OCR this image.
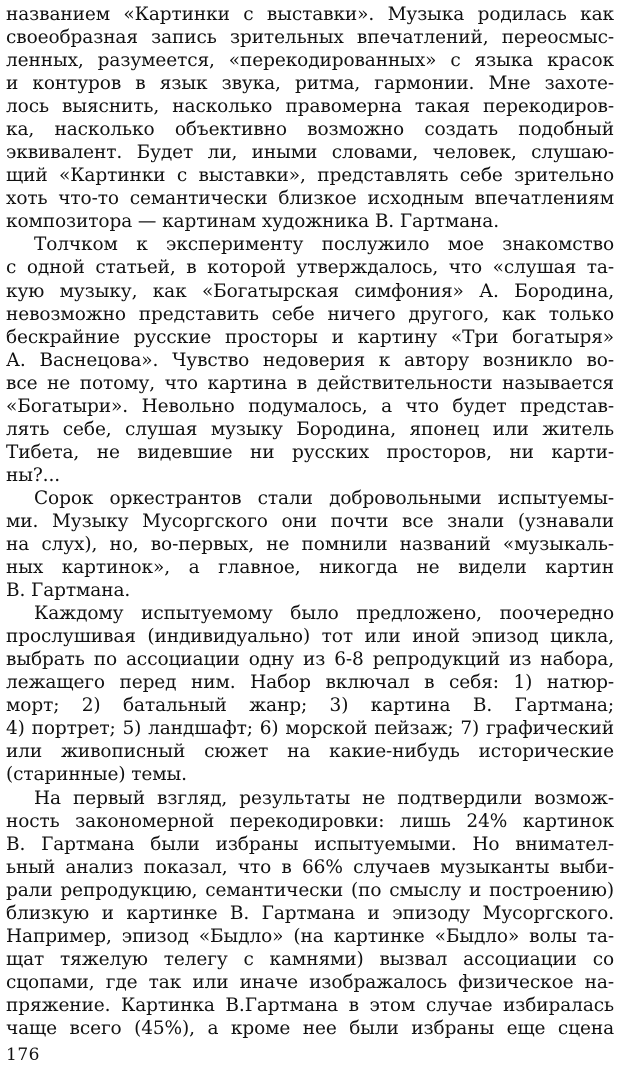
названием «Картинки с выставки». Музыка родилась как
своеобразная запись зрительных впечатлений, переосмыс-
ленных, разумеется, «перекодированных» с языка красок
и контуров в язык звука, ритма, гармонии. Мне захоте-
лось выяснить, насколько правомерна такая перекодиров-
ка, насколько объективно возможно создать подобный
эквивалент. Будет ли, иными словами, человек, слушаю-
щий «Картинки с выставки», представлять себе зрительно
хоть что-то семантически близкое исходным впечатлениям
композитора — картинам художника В. Гартмана.
Толчком к эксперименту послужило мое знакомство
с одной статьей, в которой утверждалось, что «слушая та-
кую музыку, как «Богатырская симфония» А. Бородина,
невозможно представить себе ничего другого, как только
бескрайние русские просторы и картину «Три богатыря»
А. Васнецова». Чувство недоверия к автору возникло во-
все не потому, что картина в действительности называется
«Богатыри». Невольно подумалось, а что будет представ-
лять себе, слушая музыку Бородина, японец или житель
Тибета, не видевшие ни русских просторов, ни карти-
ны?...
Сорок оркестрантов стали добровольными испытуемы-
ми. Музыку Мусоргского они почти все знали (узнавали
на слух), но, во-первых, не помнили названий «музыкаль-
ных картинок», а главное, никогда не видели картин
В. Гартмана.
Каждому испытуемому было предложено, поочередно
прослушивая (индивидуально) тот или иной эпизод цикла,
выбрать по ассоциации одну из 6-8 репродукций из набора,
лежащего перед ним. Набор включал в себя: 1) натюр-
морт; 2) батальный жанр; 3) картина В. Гартмана;
4) портрет; 5) ландшафт; 6) морской пейзаж; 7) графический
или живописный сюжет на какие-нибудь исторические
(старинные) темы.
На первый взгляд, результаты не подтвердили возмож-
ность закономерной перекодировки: лишь 24% картинок
В. Гартмана были избраны испытуемыми. Но внимател-
ьный анализ показал, что в 66% случаев музыканты выби-
рали репродукцию, семантически (по смыслу и построению)
близкую и картинке В. Гартмана и эпизоду Мусоргского.
Например, эпизод «Быдло» (на картинке «Быдло» волы та-
щат тяжелую телегу с камнями) вызвал ассоциации со
сцопами, где так или иначе изображалось физическое на-
пряжение. Картинка В.Гартмана в этом случае избиралась
чаще всего (45%), а кроме нее были избраны еще сцена
176
